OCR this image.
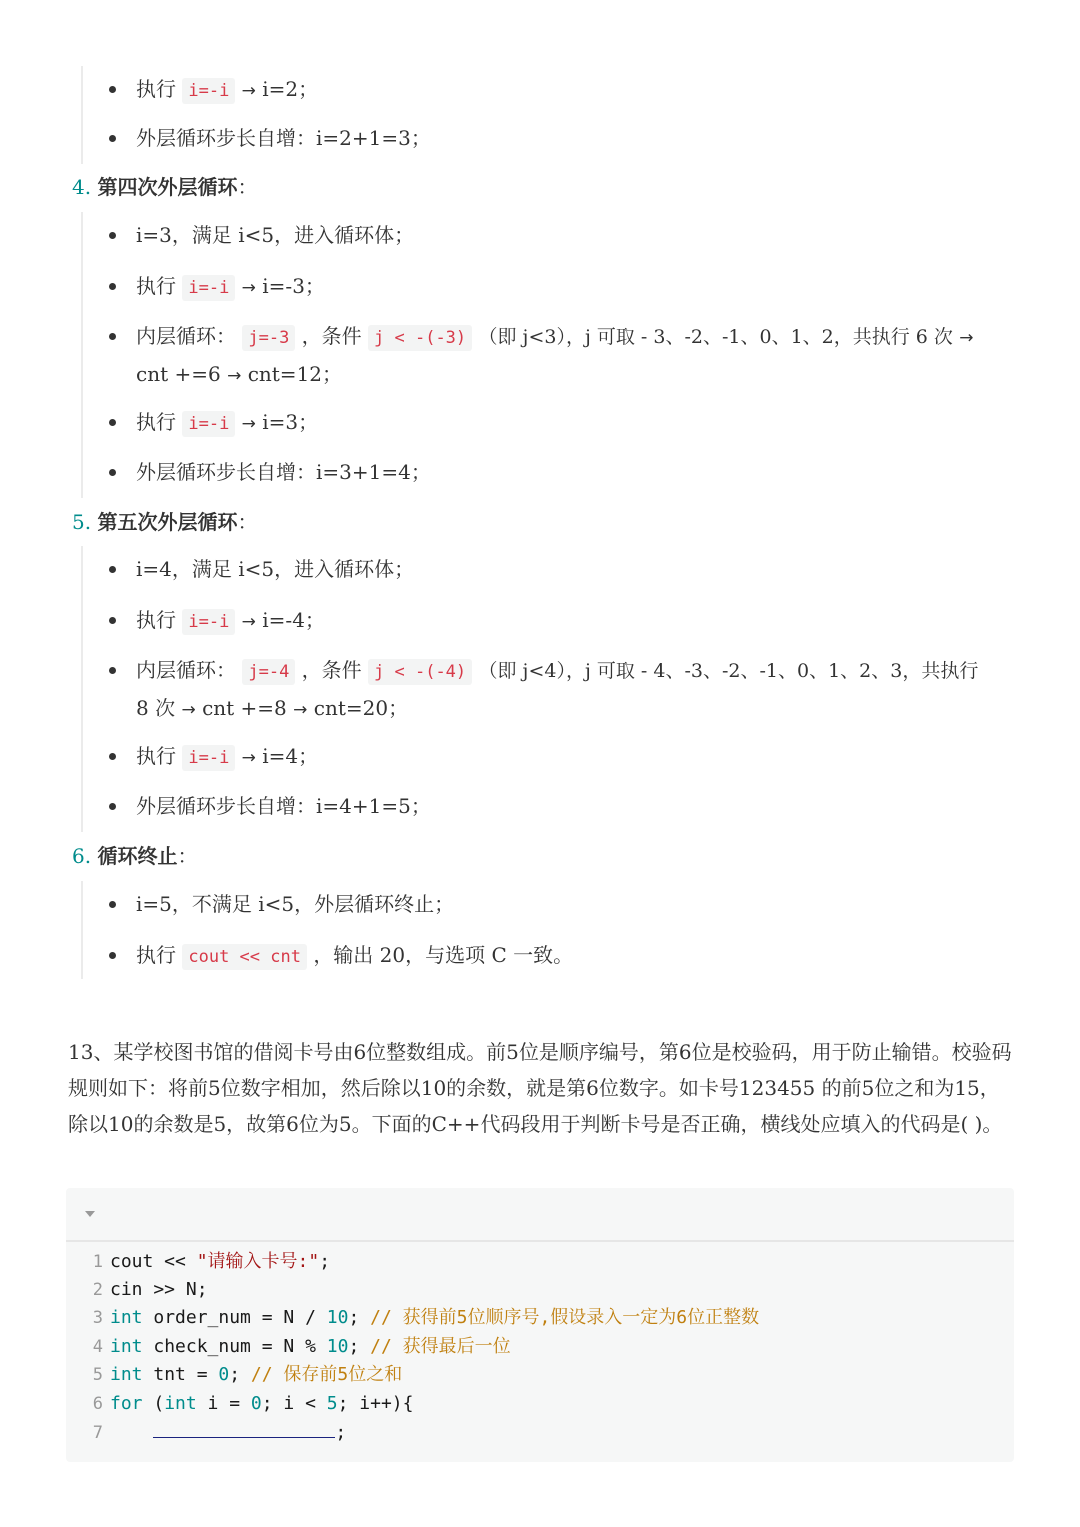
执行 i=-i → i=2；
外层循环步长自增：i=2+1=3；
4. 第四次外层循环：
i=3，满足 i<5，进入循环体；
执行 i=-i → i=-3；
内层循环： j=-3 ，条件 j < -(-3) （即 j<3），j 可取 - 3、-2、-1、0、1、2，共执行 6 次 →
cnt +=6 → cnt=12；
执行 i=-i → i=3；
外层循环步长自增：i=3+1=4；
5. 第五次外层循环：
i=4，满足 i<5，进入循环体；
执行 i=-i → i=-4；
内层循环： j=-4 ，条件 j < -(-4) （即 j<4），j 可取 - 4、-3、-2、-1、0、1、2、3，共执行
8 次 → cnt +=8 → cnt=20；
执行 i=-i → i=4；
外层循环步长自增：i=4+1=5；
6. 循环终止：
i=5，不满足 i<5，外层循环终止；
执行 cout << cnt ，输出 20，与选项 C 一致。
13、某学校图书馆的借阅卡号由6位整数组成。前5位是顺序编号，第6位是校验码，用于防止输错。校验码规则如下：将前5位数字相加，然后除以10的余数，就是第6位数字。如卡号123455 的前5位之和为15，除以10的余数是5，故第6位为5。下面的C++代码段用于判断卡号是否正确，横线处应填入的代码是( )。
1 cout << "请输入卡号:";
2 cin >> N;
3 int order_num = N / 10; // 获得前5位顺序号,假设录入一定为6位正整数
4 int check_num = N % 10; // 获得最后一位
5 int tnt = 0; // 保存前5位之和
6 for (int i = 0; i < 5; i++){
7	;
